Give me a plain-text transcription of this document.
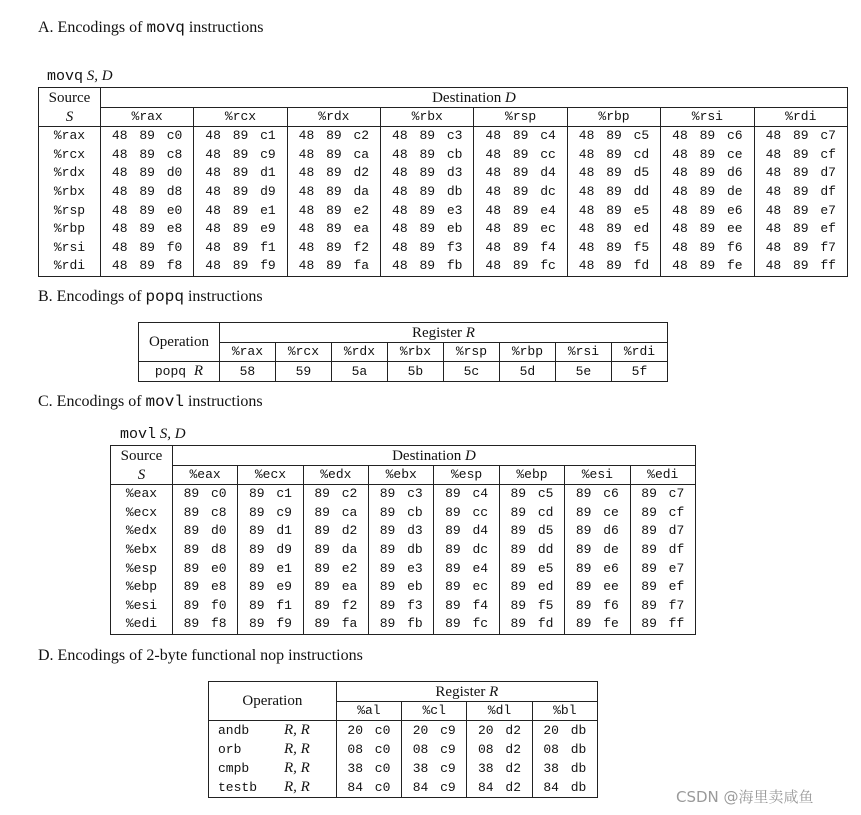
A. Encodings of movq instructions
movq S, D
Source	Destination D							
S	%rax	%rcx	%rdx	%rbx	%rsp	%rbp	%rsi	%rdi
%rax	48 89 c0	48 89 c1	48 89 c2	48 89 c3	48 89 c4	48 89 c5	48 89 c6	48 89 c7
%rcx	48 89 c8	48 89 c9	48 89 ca	48 89 cb	48 89 cc	48 89 cd	48 89 ce	48 89 cf
%rdx	48 89 d0	48 89 d1	48 89 d2	48 89 d3	48 89 d4	48 89 d5	48 89 d6	48 89 d7
%rbx	48 89 d8	48 89 d9	48 89 da	48 89 db	48 89 dc	48 89 dd	48 89 de	48 89 df
%rsp	48 89 e0	48 89 e1	48 89 e2	48 89 e3	48 89 e4	48 89 e5	48 89 e6	48 89 e7
%rbp	48 89 e8	48 89 e9	48 89 ea	48 89 eb	48 89 ec	48 89 ed	48 89 ee	48 89 ef
%rsi	48 89 f0	48 89 f1	48 89 f2	48 89 f3	48 89 f4	48 89 f5	48 89 f6	48 89 f7
%rdi	48 89 f8	48 89 f9	48 89 fa	48 89 fb	48 89 fc	48 89 fd	48 89 fe	48 89 ff
B. Encodings of popq instructions
Operation	Register R							
	%rax	%rcx	%rdx	%rbx	%rsp	%rbp	%rsi	%rdi
popq R	58	59	5a	5b	5c	5d	5e	5f
C. Encodings of movl instructions
movl S, D
Source	Destination D							
S	%eax	%ecx	%edx	%ebx	%esp	%ebp	%esi	%edi
%eax	89 c0	89 c1	89 c2	89 c3	89 c4	89 c5	89 c6	89 c7
%ecx	89 c8	89 c9	89 ca	89 cb	89 cc	89 cd	89 ce	89 cf
%edx	89 d0	89 d1	89 d2	89 d3	89 d4	89 d5	89 d6	89 d7
%ebx	89 d8	89 d9	89 da	89 db	89 dc	89 dd	89 de	89 df
%esp	89 e0	89 e1	89 e2	89 e3	89 e4	89 e5	89 e6	89 e7
%ebp	89 e8	89 e9	89 ea	89 eb	89 ec	89 ed	89 ee	89 ef
%esi	89 f0	89 f1	89 f2	89 f3	89 f4	89 f5	89 f6	89 f7
%edi	89 f8	89 f9	89 fa	89 fb	89 fc	89 fd	89 fe	89 ff
D. Encodings of 2-byte functional nop instructions
Operation	Register R			
	%al	%cl	%dl	%bl
andb R, R	20 c0	20 c9	20 d2	20 db
orb R, R	08 c0	08 c9	08 d2	08 db
cmpb R, R	38 c0	38 c9	38 d2	38 db
testb R, R	84 c0	84 c9	84 d2	84 db
CSDN @海里卖咸鱼
